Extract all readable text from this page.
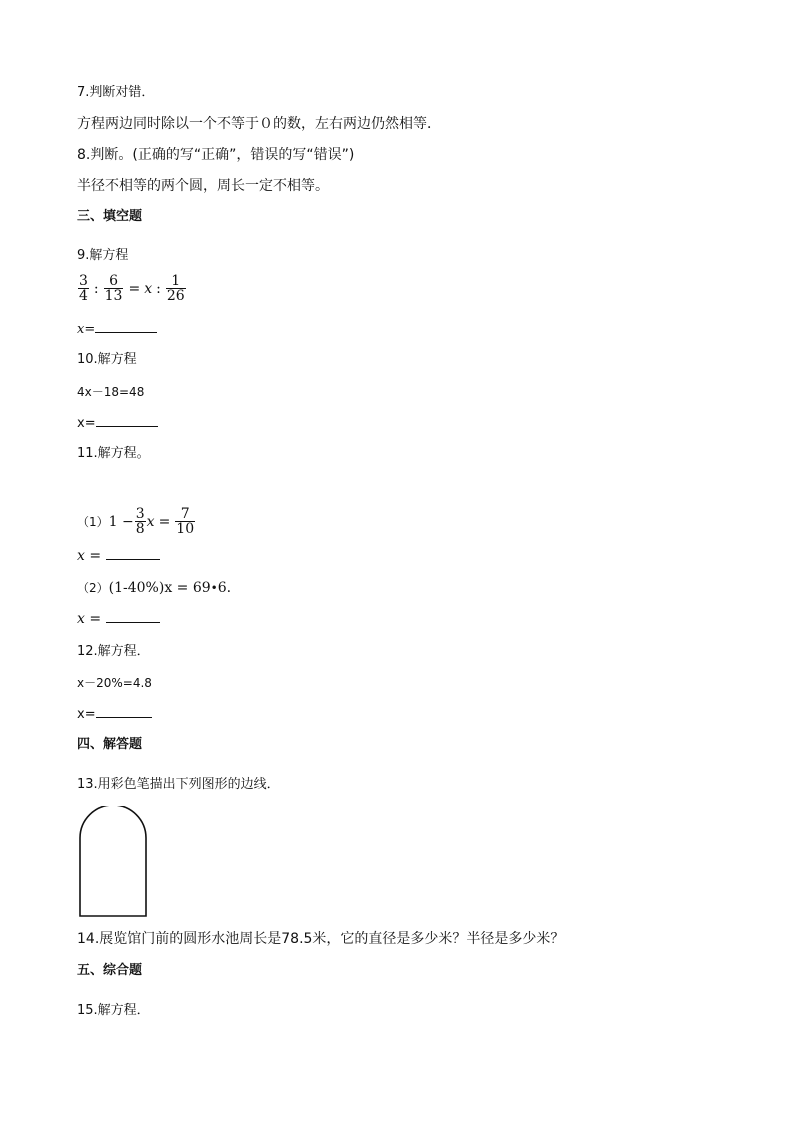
7.判断对错．
方程两边同时除以一个不等于０的数，左右两边仍然相等．
8.判断。(正确的写“正确”，错误的写“错误”)
半径不相等的两个圆，周长一定不相等。
三、填空题
9.解方程
$\frac{3}{4}$ : $\frac{6}{13} = x$ : $\frac{1}{26}$
x=
10.解方程
4x－18=48
x=
11.解方程。
（1） $1 - \frac{3}{8}$ $x = \frac{7}{10}$
x =
（2）(1-40%)x = 69•6.
x =
12.解方程．
x－20%=4.8
x=
四、解答题
13.用彩色笔描出下列图形的边线．
14.展览馆门前的圆形水池周长是78.5米，它的直径是多少米？半径是多少米？
五、综合题
15.解方程．
